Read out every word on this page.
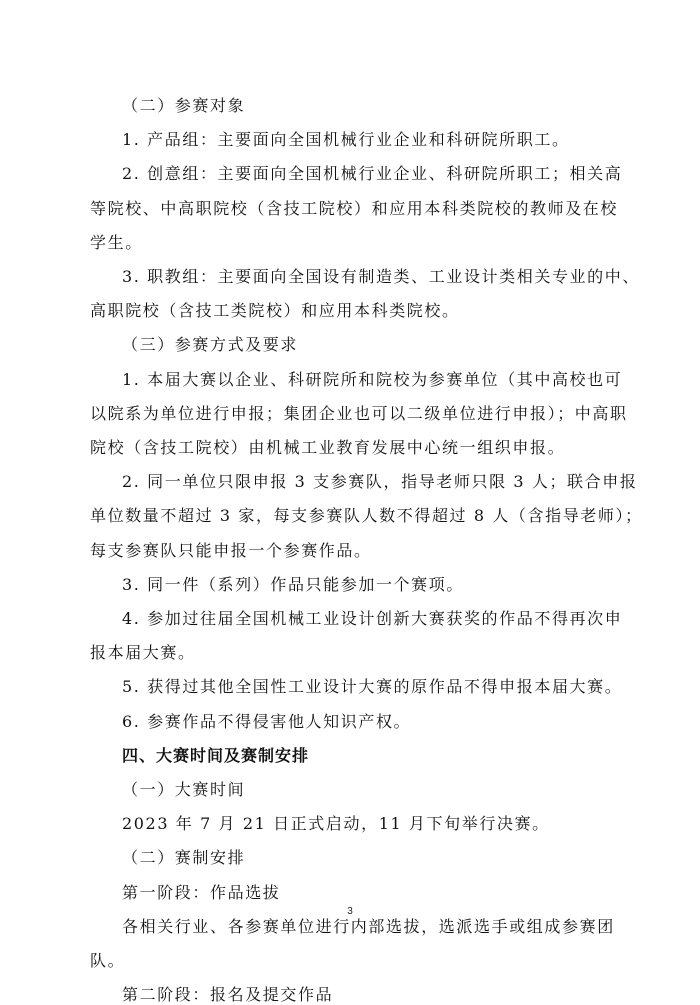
（二）参赛对象
1. 产品组：主要面向全国机械行业企业和科研院所职工。
2. 创意组：主要面向全国机械行业企业、科研院所职工；相关高
等院校、中高职院校（含技工院校）和应用本科类院校的教师及在校
学生。
3. 职教组：主要面向全国设有制造类、工业设计类相关专业的中、
高职院校（含技工类院校）和应用本科类院校。
（三）参赛方式及要求
1. 本届大赛以企业、科研院所和院校为参赛单位（其中高校也可
以院系为单位进行申报；集团企业也可以二级单位进行申报）；中高职
院校（含技工院校）由机械工业教育发展中心统一组织申报。
2. 同一单位只限申报 3 支参赛队，指导老师只限 3 人；联合申报
单位数量不超过 3 家，每支参赛队人数不得超过 8 人（含指导老师）；
每支参赛队只能申报一个参赛作品。
3. 同一件（系列）作品只能参加一个赛项。
4. 参加过往届全国机械工业设计创新大赛获奖的作品不得再次申
报本届大赛。
5. 获得过其他全国性工业设计大赛的原作品不得申报本届大赛。
6. 参赛作品不得侵害他人知识产权。
四、大赛时间及赛制安排
（一）大赛时间
2023 年 7 月 21 日正式启动，11 月下旬举行决赛。
（二）赛制安排
3
第一阶段：作品选拔
各相关行业、各参赛单位进行内部选拔，选派选手或组成参赛团
队。
第二阶段：报名及提交作品
